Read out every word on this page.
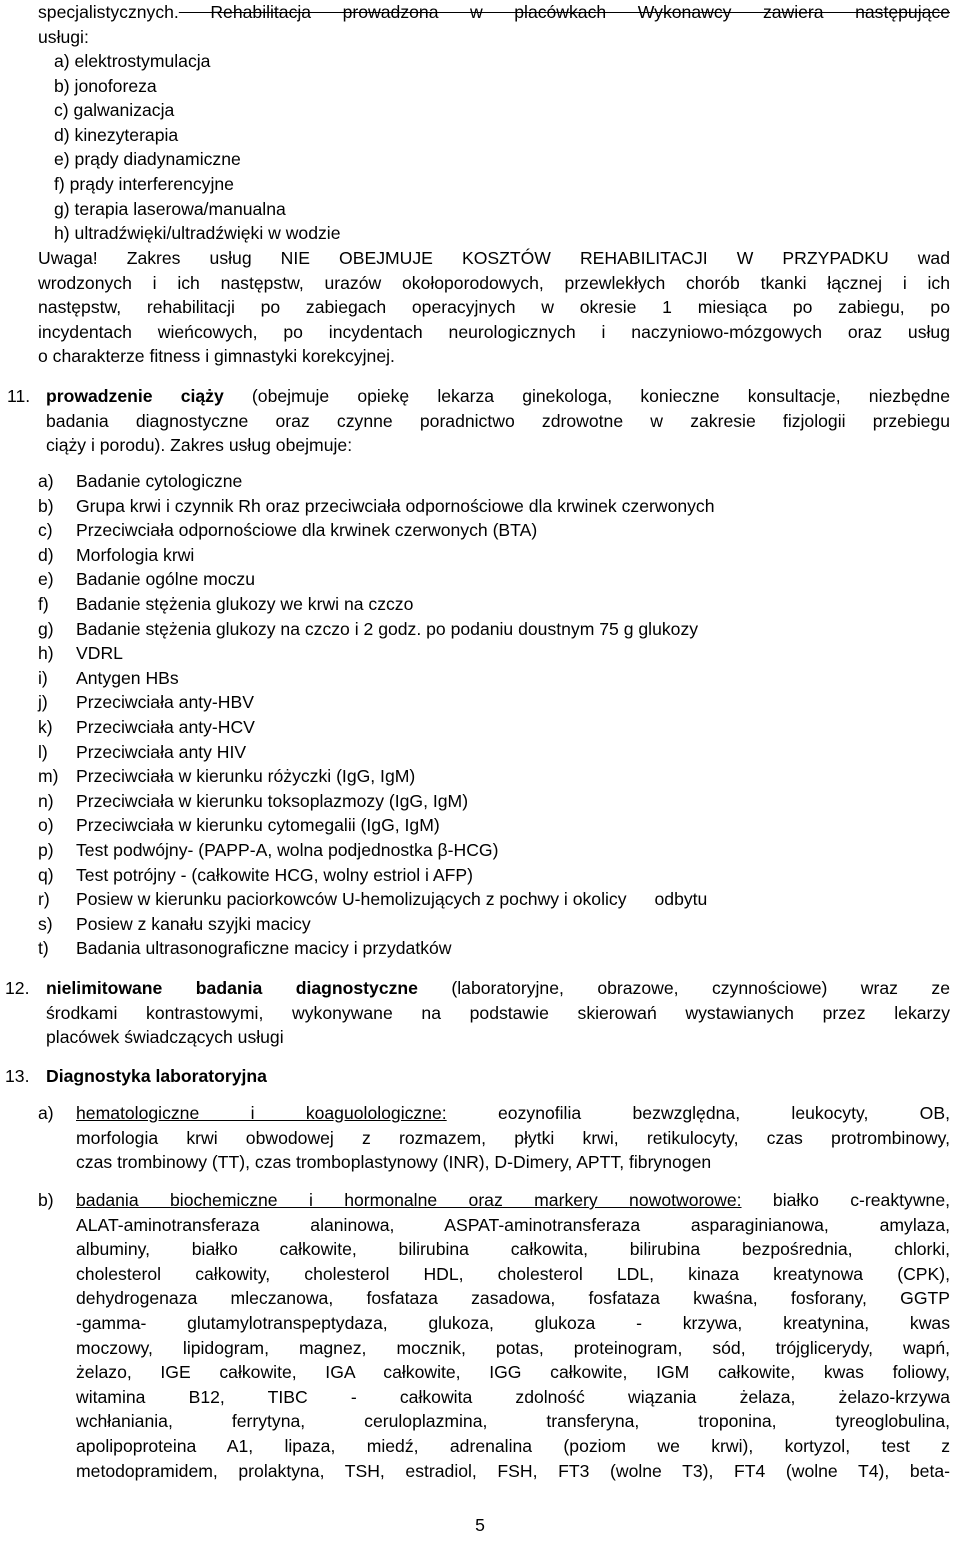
specjalistycznych. Rehabilitacja prowadzona w placówkach Wykonawcy zawiera następujące

usługi:

a) elektrostymulacja

b) jonoforeza

c) galwanizacja

d) kinezyterapia

e) prądy diadynamiczne

f) prądy interferencyjne

g) terapia laserowa/manualna

h) ultradźwięki/ultradźwięki w wodzie

Uwaga! Zakres usług NIE OBEJMUJE KOSZTÓW REHABILITACJI W PRZYPADKU wad

wrodzonych i ich następstw, urazów okołoporodowych, przewlekłych chorób tkanki łącznej i ich

następstw, rehabilitacji po zabiegach operacyjnych w okresie 1 miesiąca po zabiegu, po

incydentach wieńcowych, po incydentach neurologicznych i naczyniowo-mózgowych oraz usług

o charakterze fitness i gimnastyki korekcyjnej.

11. prowadzenie ciąży (obejmuje opiekę lekarza ginekologa, konieczne konsultacje, niezbędne

badania diagnostyczne oraz czynne poradnictwo zdrowotne w zakresie fizjologii przebiegu

ciąży i porodu). Zakres usług obejmuje:

a)	Badanie cytologiczne
b)	Grupa krwi i czynnik Rh oraz przeciwciała odpornościowe dla krwinek czerwonych
c)	Przeciwciała odpornościowe dla krwinek czerwonych (BTA)
d)	Morfologia krwi
e)	Badanie ogólne moczu
f)	Badanie stężenia glukozy we krwi na czczo
g)	Badanie stężenia glukozy na czczo i 2 godz. po podaniu doustnym 75 g glukozy
h)	VDRL
i)	Antygen HBs
j)	Przeciwciała anty-HBV
k)	Przeciwciała anty-HCV
l)	Przeciwciała anty HIV
m) Przeciwciała w kierunku różyczki (IgG, IgM)
n)	Przeciwciała w kierunku toksoplazmozy (IgG, IgM)
o)	Przeciwciała w kierunku cytomegalii (IgG, IgM)
p)	Test podwójny- (PAPP-A, wolna podjednostka β-HCG)
q)	Test potrójny - (całkowite HCG, wolny estriol i AFP)
r)	Posiew w kierunku paciorkowców U-hemolizujących z pochwy i okolicy odbytu
s)	Posiew z kanału szyjki macicy
t)	Badania ultrasonograficzne macicy i przydatków
12. nielimitowane badania diagnostyczne (laboratoryjne, obrazowe, czynnościowe) wraz ze

środkami kontrastowymi, wykonywane na podstawie skierowań wystawianych przez lekarzy

placówek świadczących usługi

13. Diagnostyka laboratoryjna
a) hematologiczne i koaguolologiczne: eozynofilia bezwzględna, leukocyty, OB,

morfologia krwi obwodowej z rozmazem, płytki krwi, retikulocyty, czas protrombinowy,

czas trombinowy (TT), czas tromboplastynowy (INR), D-Dimery, APTT, fibrynogen

b) badania biochemiczne i hormonalne oraz markery nowotworowe: białko c-reaktywne,

ALAT-aminotransferaza alaninowa, ASPAT-aminotransferaza asparaginianowa, amylaza,

albuminy, białko całkowite, bilirubina całkowita, bilirubina bezpośrednia, chlorki,

cholesterol całkowity, cholesterol HDL, cholesterol LDL, kinaza kreatynowa (CPK),

dehydrogenaza mleczanowa, fosfataza zasadowa, fosfataza kwaśna, fosforany, GGTP

-gamma- glutamylotranspeptydaza, glukoza, glukoza - krzywa, kreatynina, kwas

moczowy, lipidogram, magnez, mocznik, potas, proteinogram, sód, trójglicerydy, wapń,

żelazo, IGE całkowite, IGA całkowite, IGG całkowite, IGM całkowite, kwas foliowy,

witamina B12, TIBC - całkowita zdolność wiązania żelaza, żelazo-krzywa

wchłaniania, ferrytyna, ceruloplazmina, transferyna, troponina, tyreoglobulina,

apolipoproteina A1, lipaza, miedź, adrenalina (poziom we krwi), kortyzol, test z

metodopramidem, prolaktyna, TSH, estradiol, FSH, FT3 (wolne T3), FT4 (wolne T4), beta-

5
